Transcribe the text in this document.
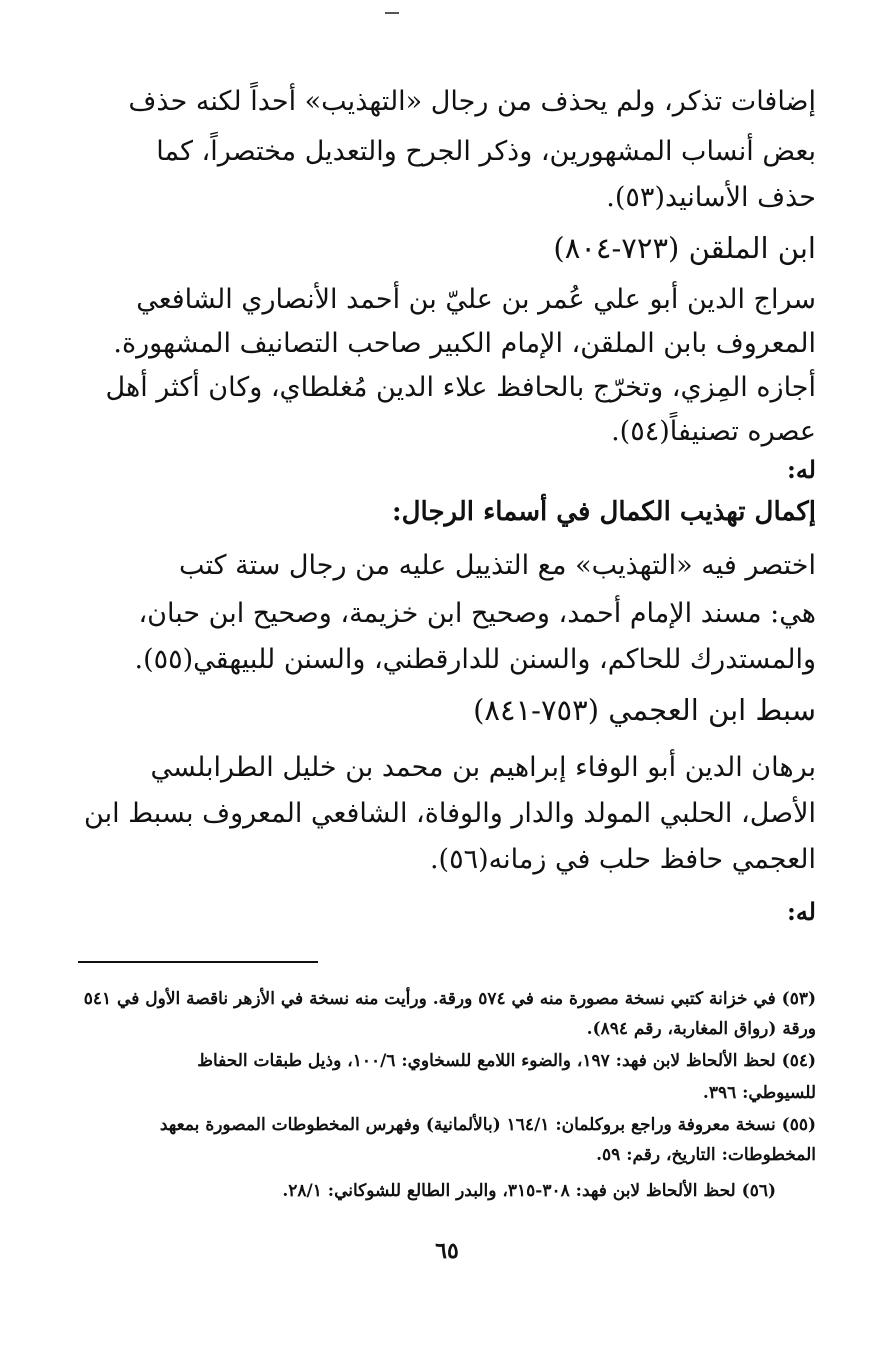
إضافات تذكر، ولم يحذف من رجال «التهذيب» أحداً لكنه حذف
بعض أنساب المشهورين، وذكر الجرح والتعديل مختصراً، كما
حذف الأسانيد(٥٣).
ابن الملقن (٧٢٣-٨٠٤)
سراج الدين أبو علي عُمر بن عليّ بن أحمد الأنصاري الشافعي
المعروف بابن الملقن، الإمام الكبير صاحب التصانيف المشهورة.
أجازه المِزي، وتخرّج بالحافظ علاء الدين مُغلطاي، وكان أكثر أهل
عصره تصنيفاً(٥٤).
له:
إكمال تهذيب الكمال في أسماء الرجال:
اختصر فيه «التهذيب» مع التذييل عليه من رجال ستة كتب
هي: مسند الإمام أحمد، وصحيح ابن خزيمة، وصحيح ابن حبان،
والمستدرك للحاكم، والسنن للدارقطني، والسنن للبيهقي(٥٥).
سبط ابن العجمي (٧٥٣-٨٤١)
برهان الدين أبو الوفاء إبراهيم بن محمد بن خليل الطرابلسي
الأصل، الحلبي المولد والدار والوفاة، الشافعي المعروف بسبط ابن
العجمي حافظ حلب في زمانه(٥٦).
له:
(٥٣) في خزانة كتبي نسخة مصورة منه في ٥٧٤ ورقة. ورأيت منه نسخة في الأزهر ناقصة الأول في ٥٤١
ورقة (رواق المغاربة، رقم ٨٩٤).
(٥٤) لحظ الألحاظ لابن فهد: ١٩٧، والضوء اللامع للسخاوي: ١٠٠/٦، وذيل طبقات الحفاظ
للسيوطي: ٣٩٦.
(٥٥) نسخة معروفة وراجع بروكلمان: ١٦٤/١ (بالألمانية) وفهرس المخطوطات المصورة بمعهد
المخطوطات: التاريخ، رقم: ٥٩.
(٥٦) لحظ الألحاظ لابن فهد: ٣٠٨-٣١٥، والبدر الطالع للشوكاني: ٢٨/١.
٦٥
